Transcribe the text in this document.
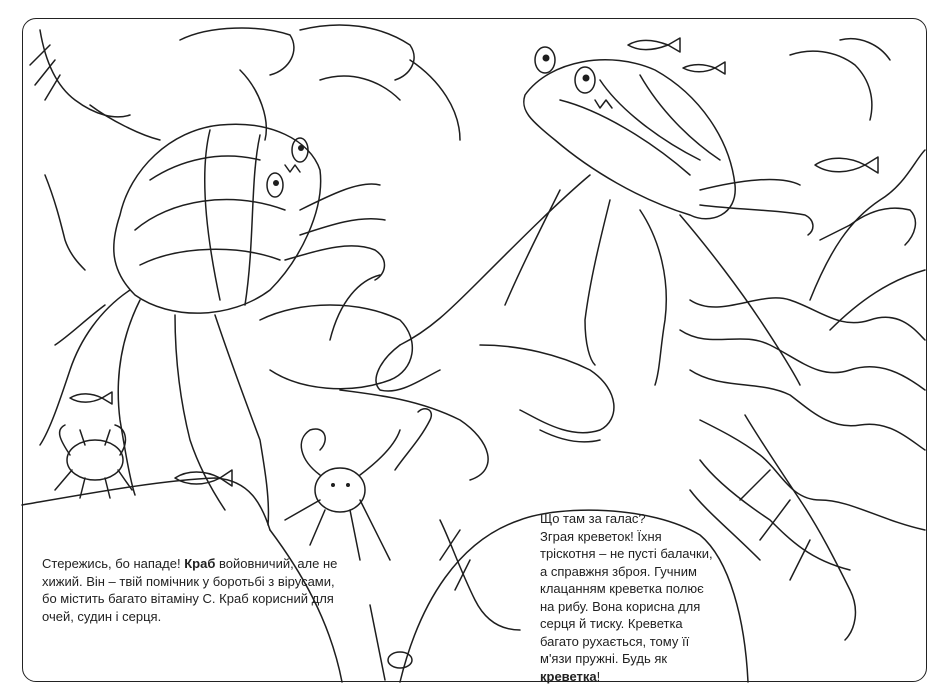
Стережись, бо нападе! Краб войовничий, але не хижий. Він – твій помічник у боротьбі з вірусами, бо містить багато вітаміну С. Краб корисний для очей, судин і серця.

Що там за галас?

Зграя креветок! Їхня тріскотня – не пусті балачки, а справжня зброя. Гучним клацанням креветка полює на рибу. Вона корисна для серця й тиску. Креветка багато рухається, тому її м'язи пружні. Будь як креветка!
